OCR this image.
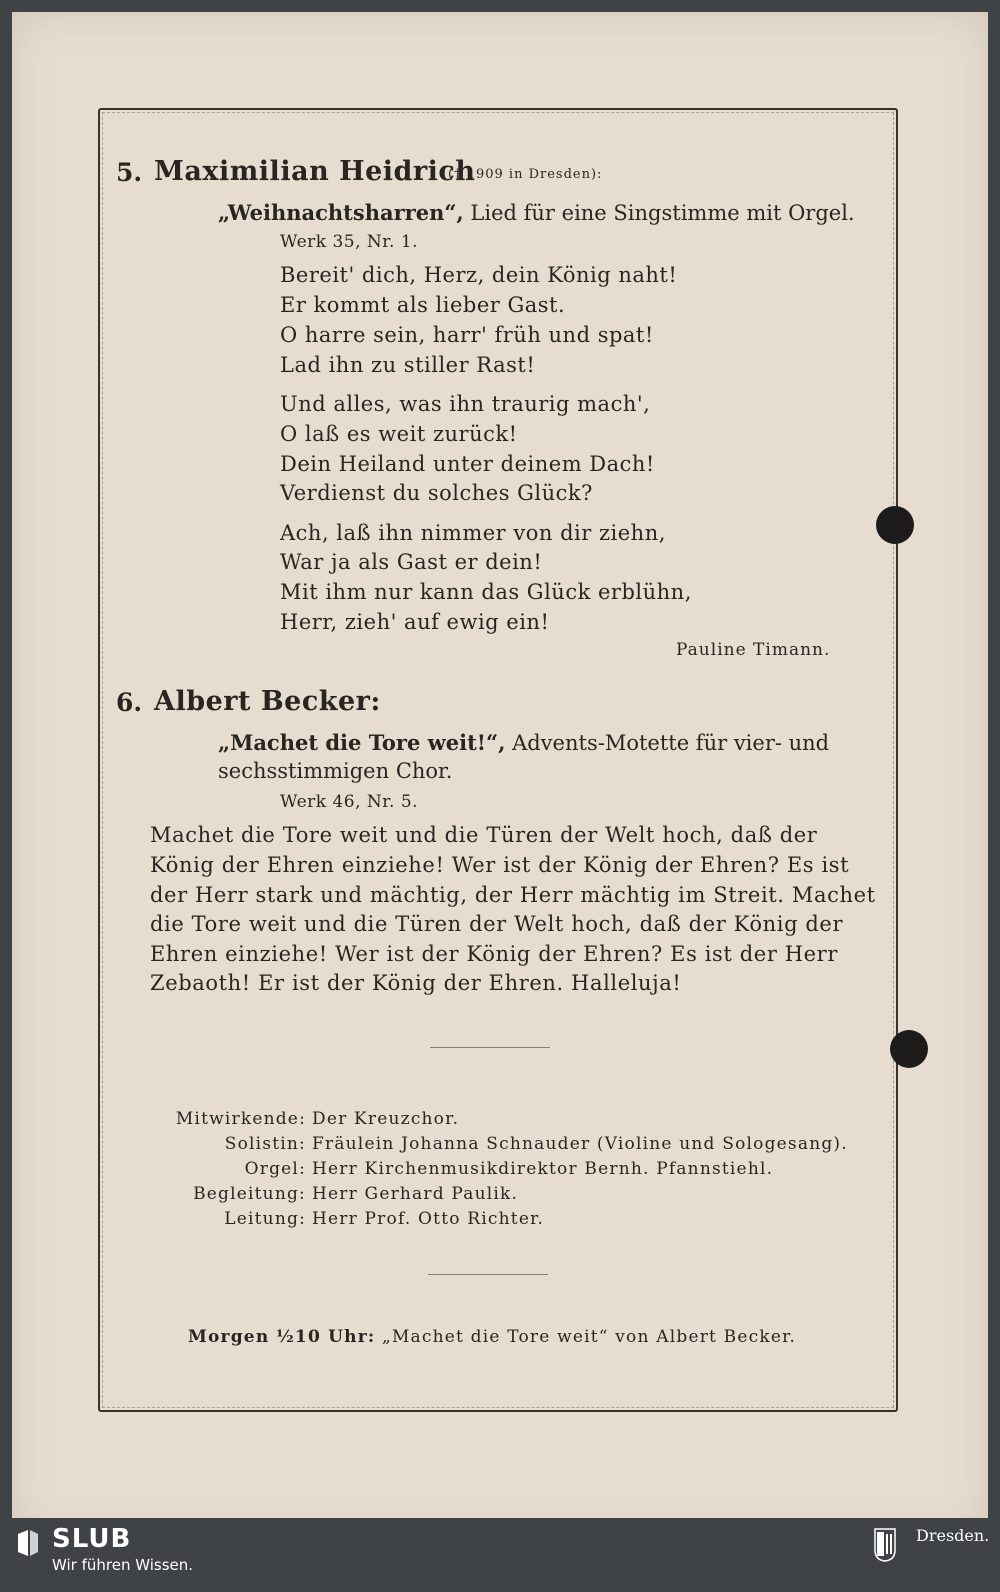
5. Maximilian Heidrich
(† 1909 in Dresden):
„Weihnachtsharren“, Lied für eine Singstimme mit Orgel.
Werk 35, Nr. 1.
Bereit' dich, Herz, dein König naht!
Er kommt als lieber Gast.
O harre sein, harr' früh und spat!
Lad ihn zu stiller Rast!
Und alles, was ihn traurig mach',
O laß es weit zurück!
Dein Heiland unter deinem Dach!
Verdienst du solches Glück?
Ach, laß ihn nimmer von dir ziehn,
War ja als Gast er dein!
Mit ihm nur kann das Glück erblühn,
Herr, zieh' auf ewig ein!
Pauline Timann.
6. Albert Becker:
„Machet die Tore weit!“, Advents-Motette für vier- und
sechsstimmigen Chor.
Werk 46, Nr. 5.
Machet die Tore weit und die Türen der Welt hoch, daß der
König der Ehren einziehe! Wer ist der König der Ehren? Es ist
der Herr stark und mächtig, der Herr mächtig im Streit. Machet
die Tore weit und die Türen der Welt hoch, daß der König der
Ehren einziehe! Wer ist der König der Ehren? Es ist der Herr
Zebaoth! Er ist der König der Ehren. Halleluja!
Mitwirkende: Der Kreuzchor.
Solistin: Fräulein Johanna Schnauder (Violine und Sologesang).
Orgel: Herr Kirchenmusikdirektor Bernh. Pfannstiehl.
Begleitung: Herr Gerhard Paulik.
Leitung: Herr Prof. Otto Richter.
Morgen ½10 Uhr: „Machet die Tore weit“ von Albert Becker.
SLUB
Wir führen Wissen.
Dresden.
